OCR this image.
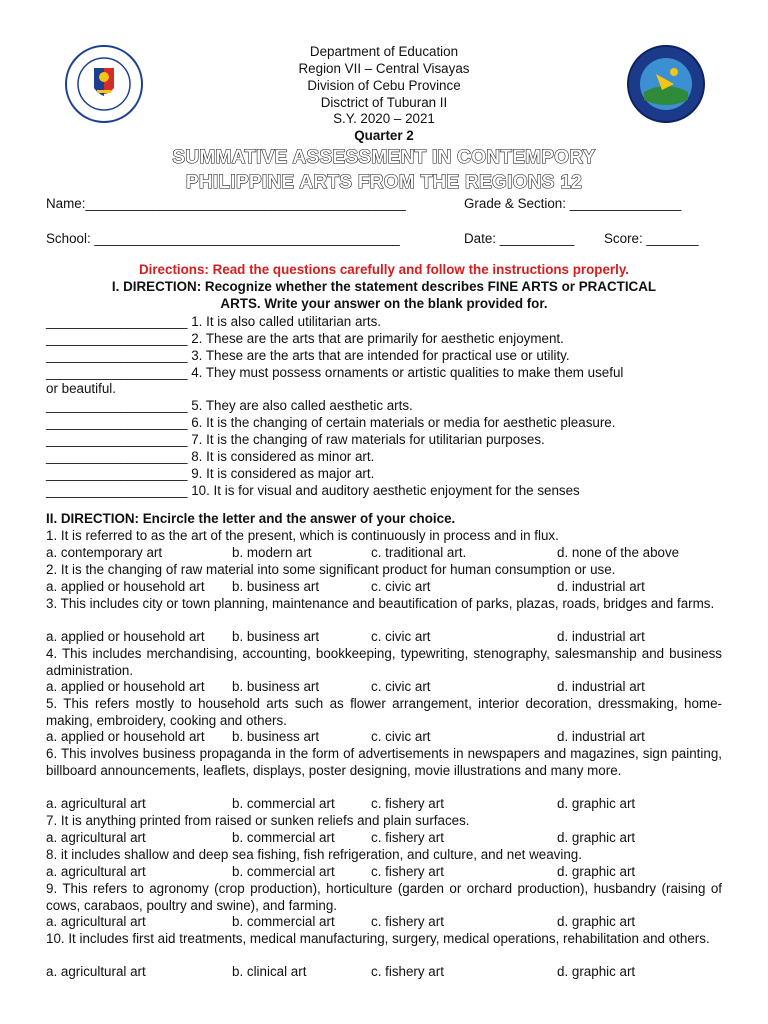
Department of Education
Region VII – Central Visayas
Division of Cebu Province
Disctrict of Tuburan II
S.Y. 2020 – 2021
Quarter 2
SUMMATIVE ASSESSMENT IN CONTEMPORY
PHILIPPINE ARTS FROM THE REGIONS 12
Name:___________________________________________	Grade & Section: _______________
School: _________________________________________	Date: __________ Score: _______
Directions: Read the questions carefully and follow the instructions properly.
I. DIRECTION: Recognize whether the statement describes FINE ARTS or PRACTICAL
ARTS. Write your answer on the blank provided for.
___________________ 1. It is also called utilitarian arts.
___________________ 2. These are the arts that are primarily for aesthetic enjoyment.
___________________ 3. These are the arts that are intended for practical use or utility.
___________________ 4. They must possess ornaments or artistic qualities to make them useful
or beautiful.
___________________ 5. They are also called aesthetic arts.
___________________ 6. It is the changing of certain materials or media for aesthetic pleasure.
___________________ 7. It is the changing of raw materials for utilitarian purposes.
___________________ 8. It is considered as minor art.
___________________ 9. It is considered as major art.
___________________ 10. It is for visual and auditory aesthetic enjoyment for the senses
II. DIRECTION: Encircle the letter and the answer of your choice.
1. It is referred to as the art of the present, which is continuously in process and in flux.
a. contemporary art	b. modern art	c. traditional art.	d. none of the above
2. It is the changing of raw material into some significant product for human consumption or use.
a. applied or household art b. business art	c. civic art	d. industrial art
3. This includes city or town planning, maintenance and beautification of parks, plazas, roads, bridges and farms.
a. applied or household art b. business art	c. civic art	d. industrial art
4. This includes merchandising, accounting, bookkeeping, typewriting, stenography, salesmanship and business administration.
a. applied or household art b. business art	c. civic art	d. industrial art
5. This refers mostly to household arts such as flower arrangement, interior decoration, dressmaking, home-making, embroidery, cooking and others.
a. applied or household art b. business art	c. civic art	d. industrial art
6. This involves business propaganda in the form of advertisements in newspapers and magazines, sign painting, billboard announcements, leaflets, displays, poster designing, movie illustrations and many more.
a. agricultural art	b. commercial art	c. fishery art	d. graphic art
7. It is anything printed from raised or sunken reliefs and plain surfaces.
a. agricultural art	b. commercial art	c. fishery art	d. graphic art
8. it includes shallow and deep sea fishing, fish refrigeration, and culture, and net weaving.
a. agricultural art	b. commercial art	c. fishery art	d. graphic art
9. This refers to agronomy (crop production), horticulture (garden or orchard production), husbandry (raising of cows, carabaos, poultry and swine), and farming.
a. agricultural art	b. commercial art	c. fishery art	d. graphic art
10. It includes first aid treatments, medical manufacturing, surgery, medical operations, rehabilitation and others.
a. agricultural art	b. clinical art	c. fishery art	d. graphic art
